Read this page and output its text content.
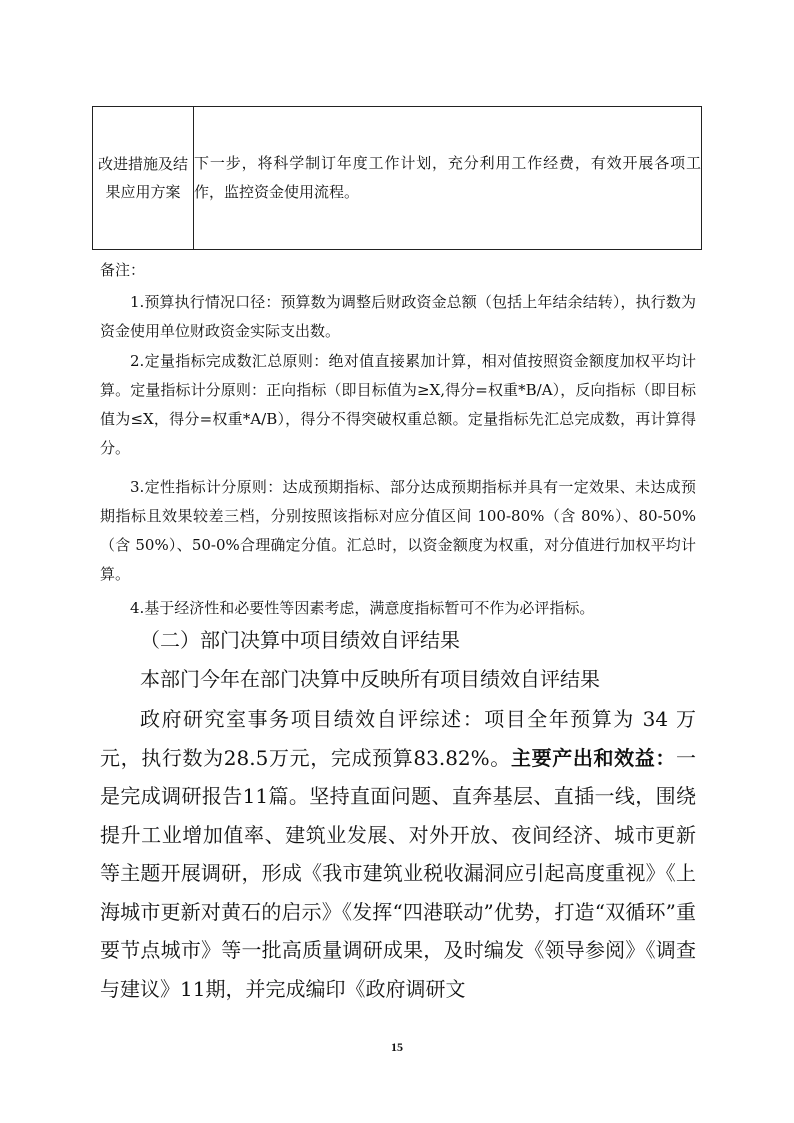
改进措施及结果应用方案	下一步，将科学制订年度工作计划，充分利用工作经费，有效开展各项工作，监控资金使用流程。
备注：

1.预算执行情况口径：预算数为调整后财政资金总额（包括上年结余结转），执行数为资金使用单位财政资金实际支出数。

2.定量指标完成数汇总原则：绝对值直接累加计算，相对值按照资金额度加权平均计算。定量指标计分原则：正向指标（即目标值为≥X,得分=权重*B/A），反向指标（即目标值为≤X，得分=权重*A/B），得分不得突破权重总额。定量指标先汇总完成数，再计算得分。

3.定性指标计分原则：达成预期指标、部分达成预期指标并具有一定效果、未达成预期指标且效果较差三档，分别按照该指标对应分值区间 100-80%（含 80%）、80-50%（含 50%）、50-0%合理确定分值。汇总时，以资金额度为权重，对分值进行加权平均计算。

4.基于经济性和必要性等因素考虑，满意度指标暂可不作为必评指标。

（二）部门决算中项目绩效自评结果

本部门今年在部门决算中反映所有项目绩效自评结果

政府研究室事务项目绩效自评综述：项目全年预算为 34 万元，执行数为28.5万元，完成预算83.82%。主要产出和效益：一是完成调研报告11篇。坚持直面问题、直奔基层、直插一线，围绕提升工业增加值率、建筑业发展、对外开放、夜间经济、城市更新等主题开展调研，形成《我市建筑业税收漏洞应引起高度重视》《上海城市更新对黄石的启示》《发挥“四港联动”优势，打造“双循环”重要节点城市》等一批高质量调研成果，及时编发《领导参阅》《调查与建议》11期，并完成编印《政府调研文

15
